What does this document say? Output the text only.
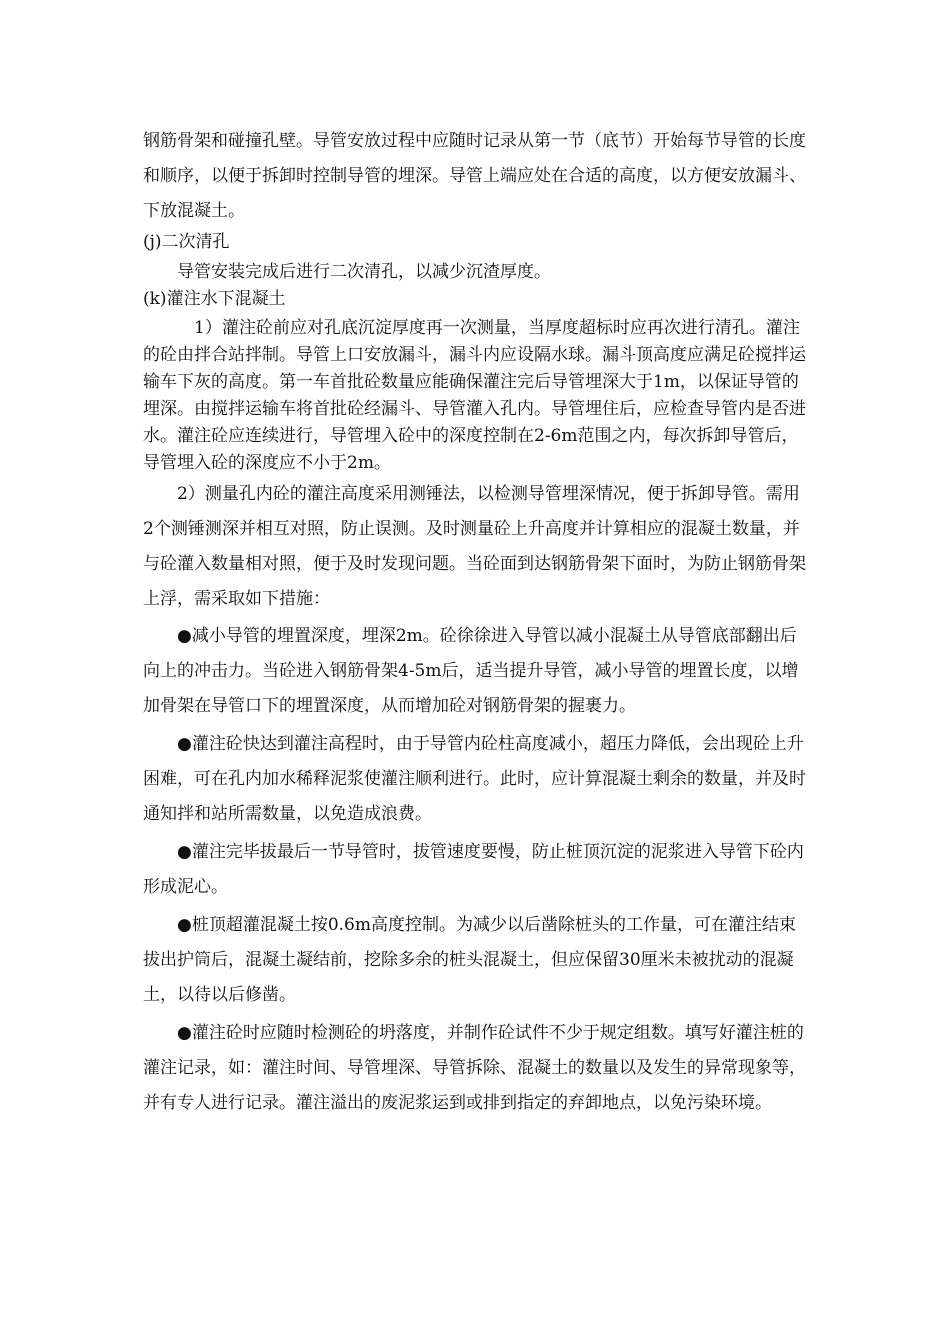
钢筋骨架和碰撞孔壁。导管安放过程中应随时记录从第一节（底节）开始每节导管的长度和顺序，以便于拆卸时控制导管的埋深。导管上端应处在合适的高度，以方便安放漏斗、下放混凝土。

(j)二次清孔

导管安装完成后进行二次清孔，以减少沉渣厚度。

(k)灌注水下混凝土

1）灌注砼前应对孔底沉淀厚度再一次测量，当厚度超标时应再次进行清孔。灌注的砼由拌合站拌制。导管上口安放漏斗，漏斗内应设隔水球。漏斗顶高度应满足砼搅拌运输车下灰的高度。第一车首批砼数量应能确保灌注完后导管埋深大于1m，以保证导管的埋深。由搅拌运输车将首批砼经漏斗、导管灌入孔内。导管埋住后，应检查导管内是否进水。灌注砼应连续进行，导管埋入砼中的深度控制在2-6m范围之内，每次拆卸导管后，导管埋入砼的深度应不小于2m。

2）测量孔内砼的灌注高度采用测锤法，以检测导管埋深情况，便于拆卸导管。需用2个测锤测深并相互对照，防止误测。及时测量砼上升高度并计算相应的混凝土数量，并与砼灌入数量相对照，便于及时发现问题。当砼面到达钢筋骨架下面时，为防止钢筋骨架上浮，需采取如下措施：

●减小导管的埋置深度，埋深2m。砼徐徐进入导管以减小混凝土从导管底部翻出后向上的冲击力。当砼进入钢筋骨架4-5m后，适当提升导管，减小导管的埋置长度，以增加骨架在导管口下的埋置深度，从而增加砼对钢筋骨架的握裹力。

●灌注砼快达到灌注高程时，由于导管内砼柱高度减小，超压力降低，会出现砼上升困难，可在孔内加水稀释泥浆使灌注顺利进行。此时，应计算混凝土剩余的数量，并及时通知拌和站所需数量，以免造成浪费。

●灌注完毕拔最后一节导管时，拔管速度要慢，防止桩顶沉淀的泥浆进入导管下砼内形成泥心。

●桩顶超灌混凝土按0.6m高度控制。为减少以后凿除桩头的工作量，可在灌注结束拔出护筒后，混凝土凝结前，挖除多余的桩头混凝土，但应保留30厘米未被扰动的混凝土，以待以后修凿。

●灌注砼时应随时检测砼的坍落度，并制作砼试件不少于规定组数。填写好灌注桩的灌注记录，如：灌注时间、导管埋深、导管拆除、混凝土的数量以及发生的异常现象等，并有专人进行记录。灌注溢出的废泥浆运到或排到指定的弃卸地点，以免污染环境。
